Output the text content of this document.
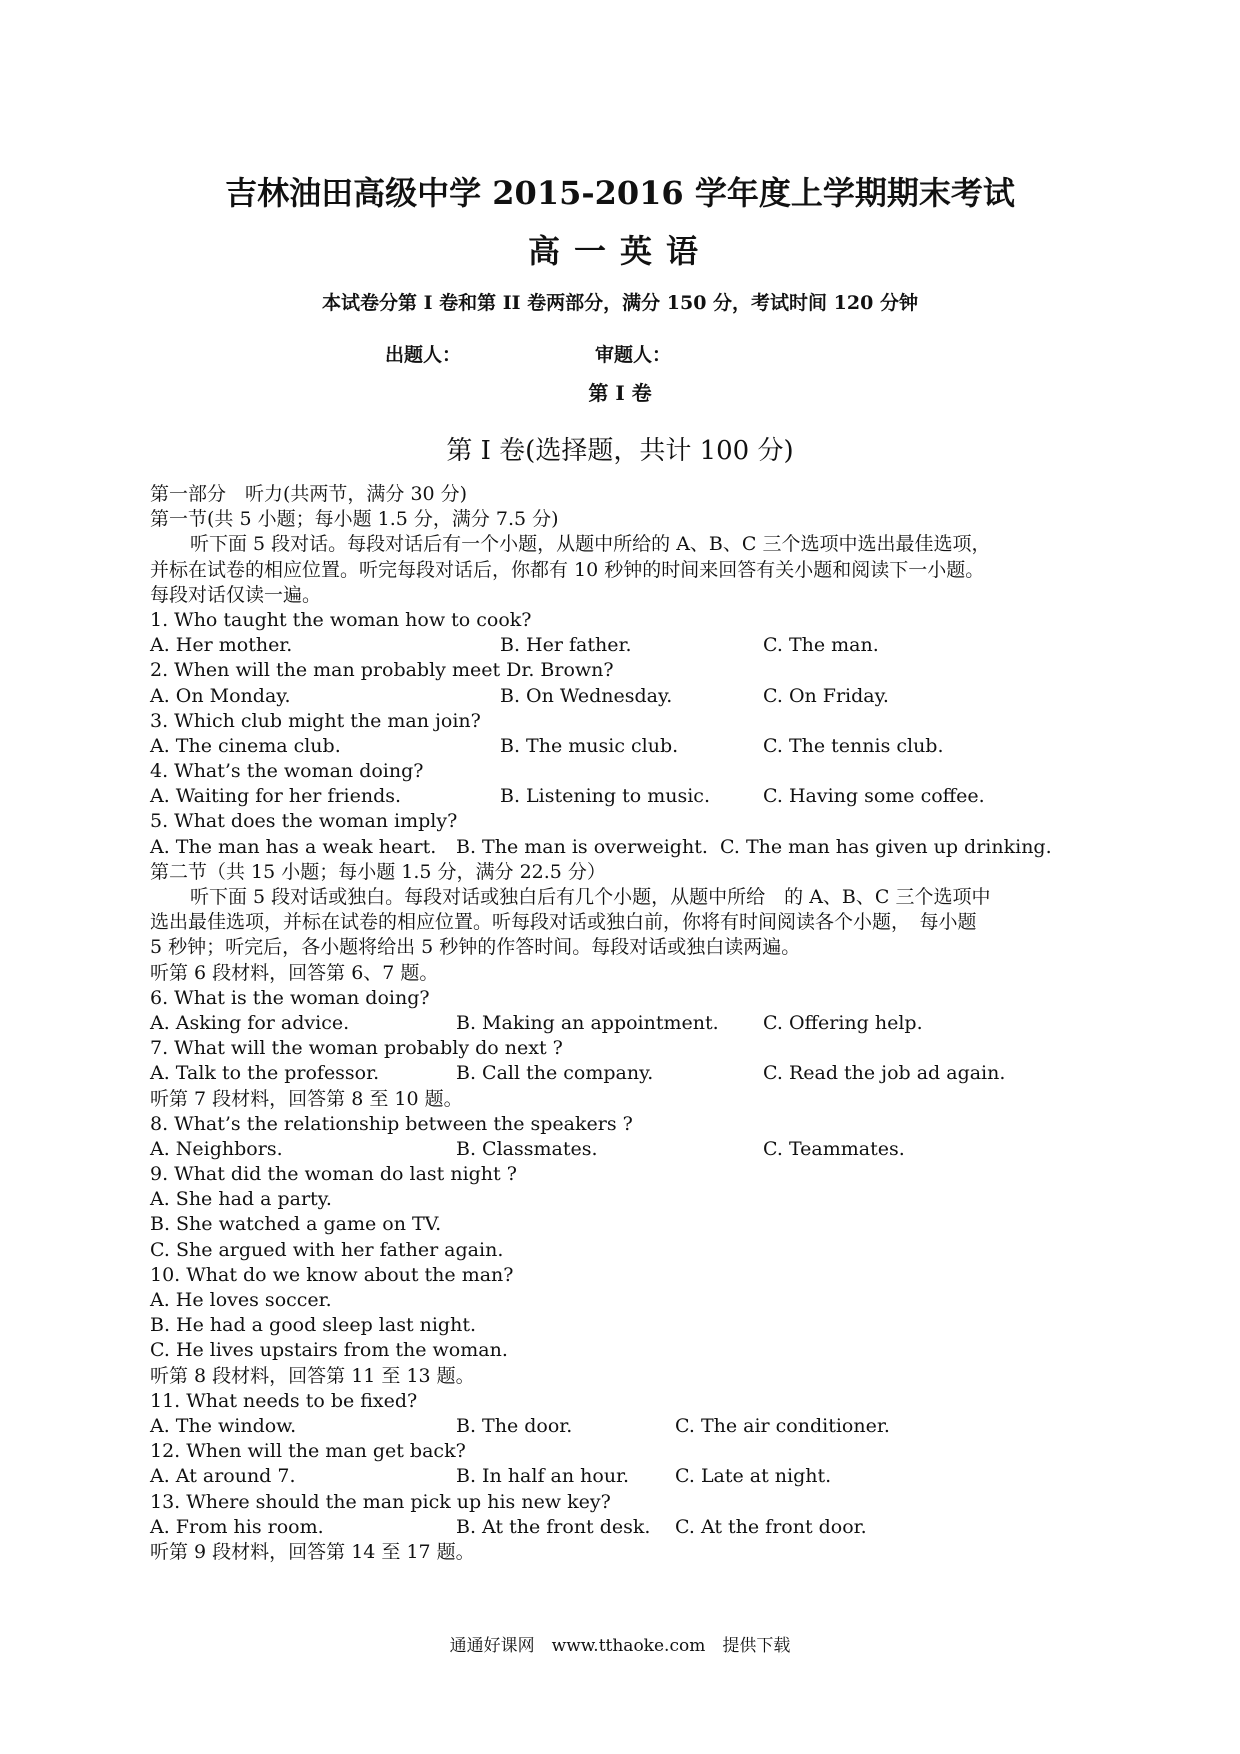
吉林油田高级中学 2015-2016 学年度上学期期末考试
高一英语
本试卷分第 I 卷和第 II 卷两部分，满分 150 分，考试时间 120 分钟
出题人：	审题人：
第 I 卷
第 I 卷(选择题，共计 100 分)
第一部分　听力(共两节，满分 30 分)
第一节(共 5 小题；每小题 1.5 分，满分 7.5 分)
听下面 5 段对话。每段对话后有一个小题，从题中所给的 A、B、C 三个选项中选出最佳选项，
并标在试卷的相应位置。听完每段对话后，你都有 10 秒钟的时间来回答有关小题和阅读下一小题。
每段对话仅读一遍。
1. Who taught the woman how to cook?
A. Her mother.	B. Her father.	C. The man.
2. When will the man probably meet Dr. Brown?
A. On Monday.	B. On Wednesday.	C. On Friday.
3. Which club might the man join?
A. The cinema club.	B. The music club.	C. The tennis club.
4. What’s the woman doing?
A. Waiting for her friends.	B. Listening to music.	C. Having some coffee.
5. What does the woman imply?
A. The man has a weak heart. B. The man is overweight. C. The man has given up drinking.
第二节（共 15 小题；每小题 1.5 分，满分 22.5 分）
听下面 5 段对话或独白。每段对话或独白后有几个小题，从题中所给　的 A、B、C 三个选项中
选出最佳选项，并标在试卷的相应位置。听每段对话或独白前，你将有时间阅读各个小题，　每小题
5 秒钟；听完后，各小题将给出 5 秒钟的作答时间。每段对话或独白读两遍。
听第 6 段材料，回答第 6、7 题。
6. What is the woman doing?
A. Asking for advice.	B. Making an appointment. C. Offering help.
7. What will the woman probably do next ?
A. Talk to the professor.	B. Call the company.	C. Read the job ad again.
听第 7 段材料，回答第 8 至 10 题。
8. What’s the relationship between the speakers ?
A. Neighbors.	B. Classmates.	C. Teammates.
9. What did the woman do last night ?
A. She had a party.
B. She watched a game on TV.
C. She argued with her father again.
10. What do we know about the man?
A. He loves soccer.
B. He had a good sleep last night.
C. He lives upstairs from the woman.
听第 8 段材料，回答第 11 至 13 题。
11. What needs to be fixed?
A. The window.	B. The door.	C. The air conditioner.
12. When will the man get back?
A. At around 7.	B. In half an hour. C. Late at night.
13. Where should the man pick up his new key?
A. From his room.	B. At the front desk. C. At the front door.
听第 9 段材料，回答第 14 至 17 题。
通通好课网　www.tthaoke.com　提供下载
